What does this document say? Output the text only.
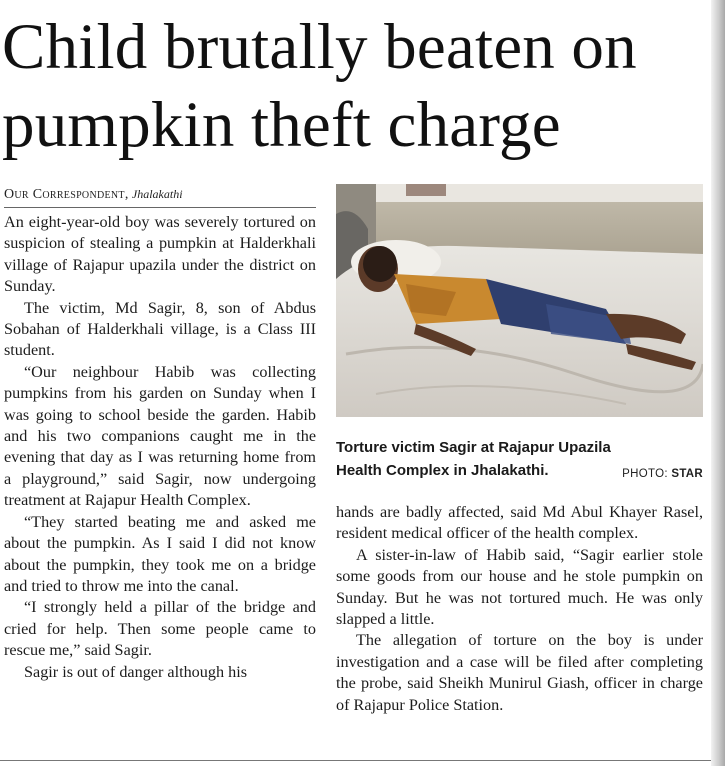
Child brutally beaten on
pumpkin theft charge
Our Correspondent, Jhalakathi

An eight-year-old boy was severely tortured on suspicion of stealing a pumpkin at Halderkhali village of Rajapur upazila under the district on Sunday.

The victim, Md Sagir, 8, son of Abdus Sobahan of Halderkhali village, is a Class III student.

“Our neighbour Habib was collecting pumpkins from his garden on Sunday when I was going to school beside the garden. Habib and his two companions caught me in the evening that day as I was returning home from a playground,” said Sagir, now undergoing treatment at Rajapur Health Complex.

“They started beating me and asked me about the pumpkin. As I said I did not know about the pumpkin, they took me on a bridge and tried to throw me into the canal.

“I strongly held a pillar of the bridge and cried for help. Then some people came to rescue me,” said Sagir.

Sagir is out of danger although his

Torture victim Sagir at Rajapur Upazila
Health Complex in Jhalakathi.	PHOTO: STAR

hands are badly affected, said Md Abul Khayer Rasel, resident medical officer of the health complex.

A sister-in-law of Habib said, “Sagir earlier stole some goods from our house and he stole pumpkin on Sunday. But he was not tortured much. He was only slapped a little.

The allegation of torture on the boy is under investigation and a case will be filed after completing the probe, said Sheikh Munirul Giash, officer in charge of Rajapur Police Station.
